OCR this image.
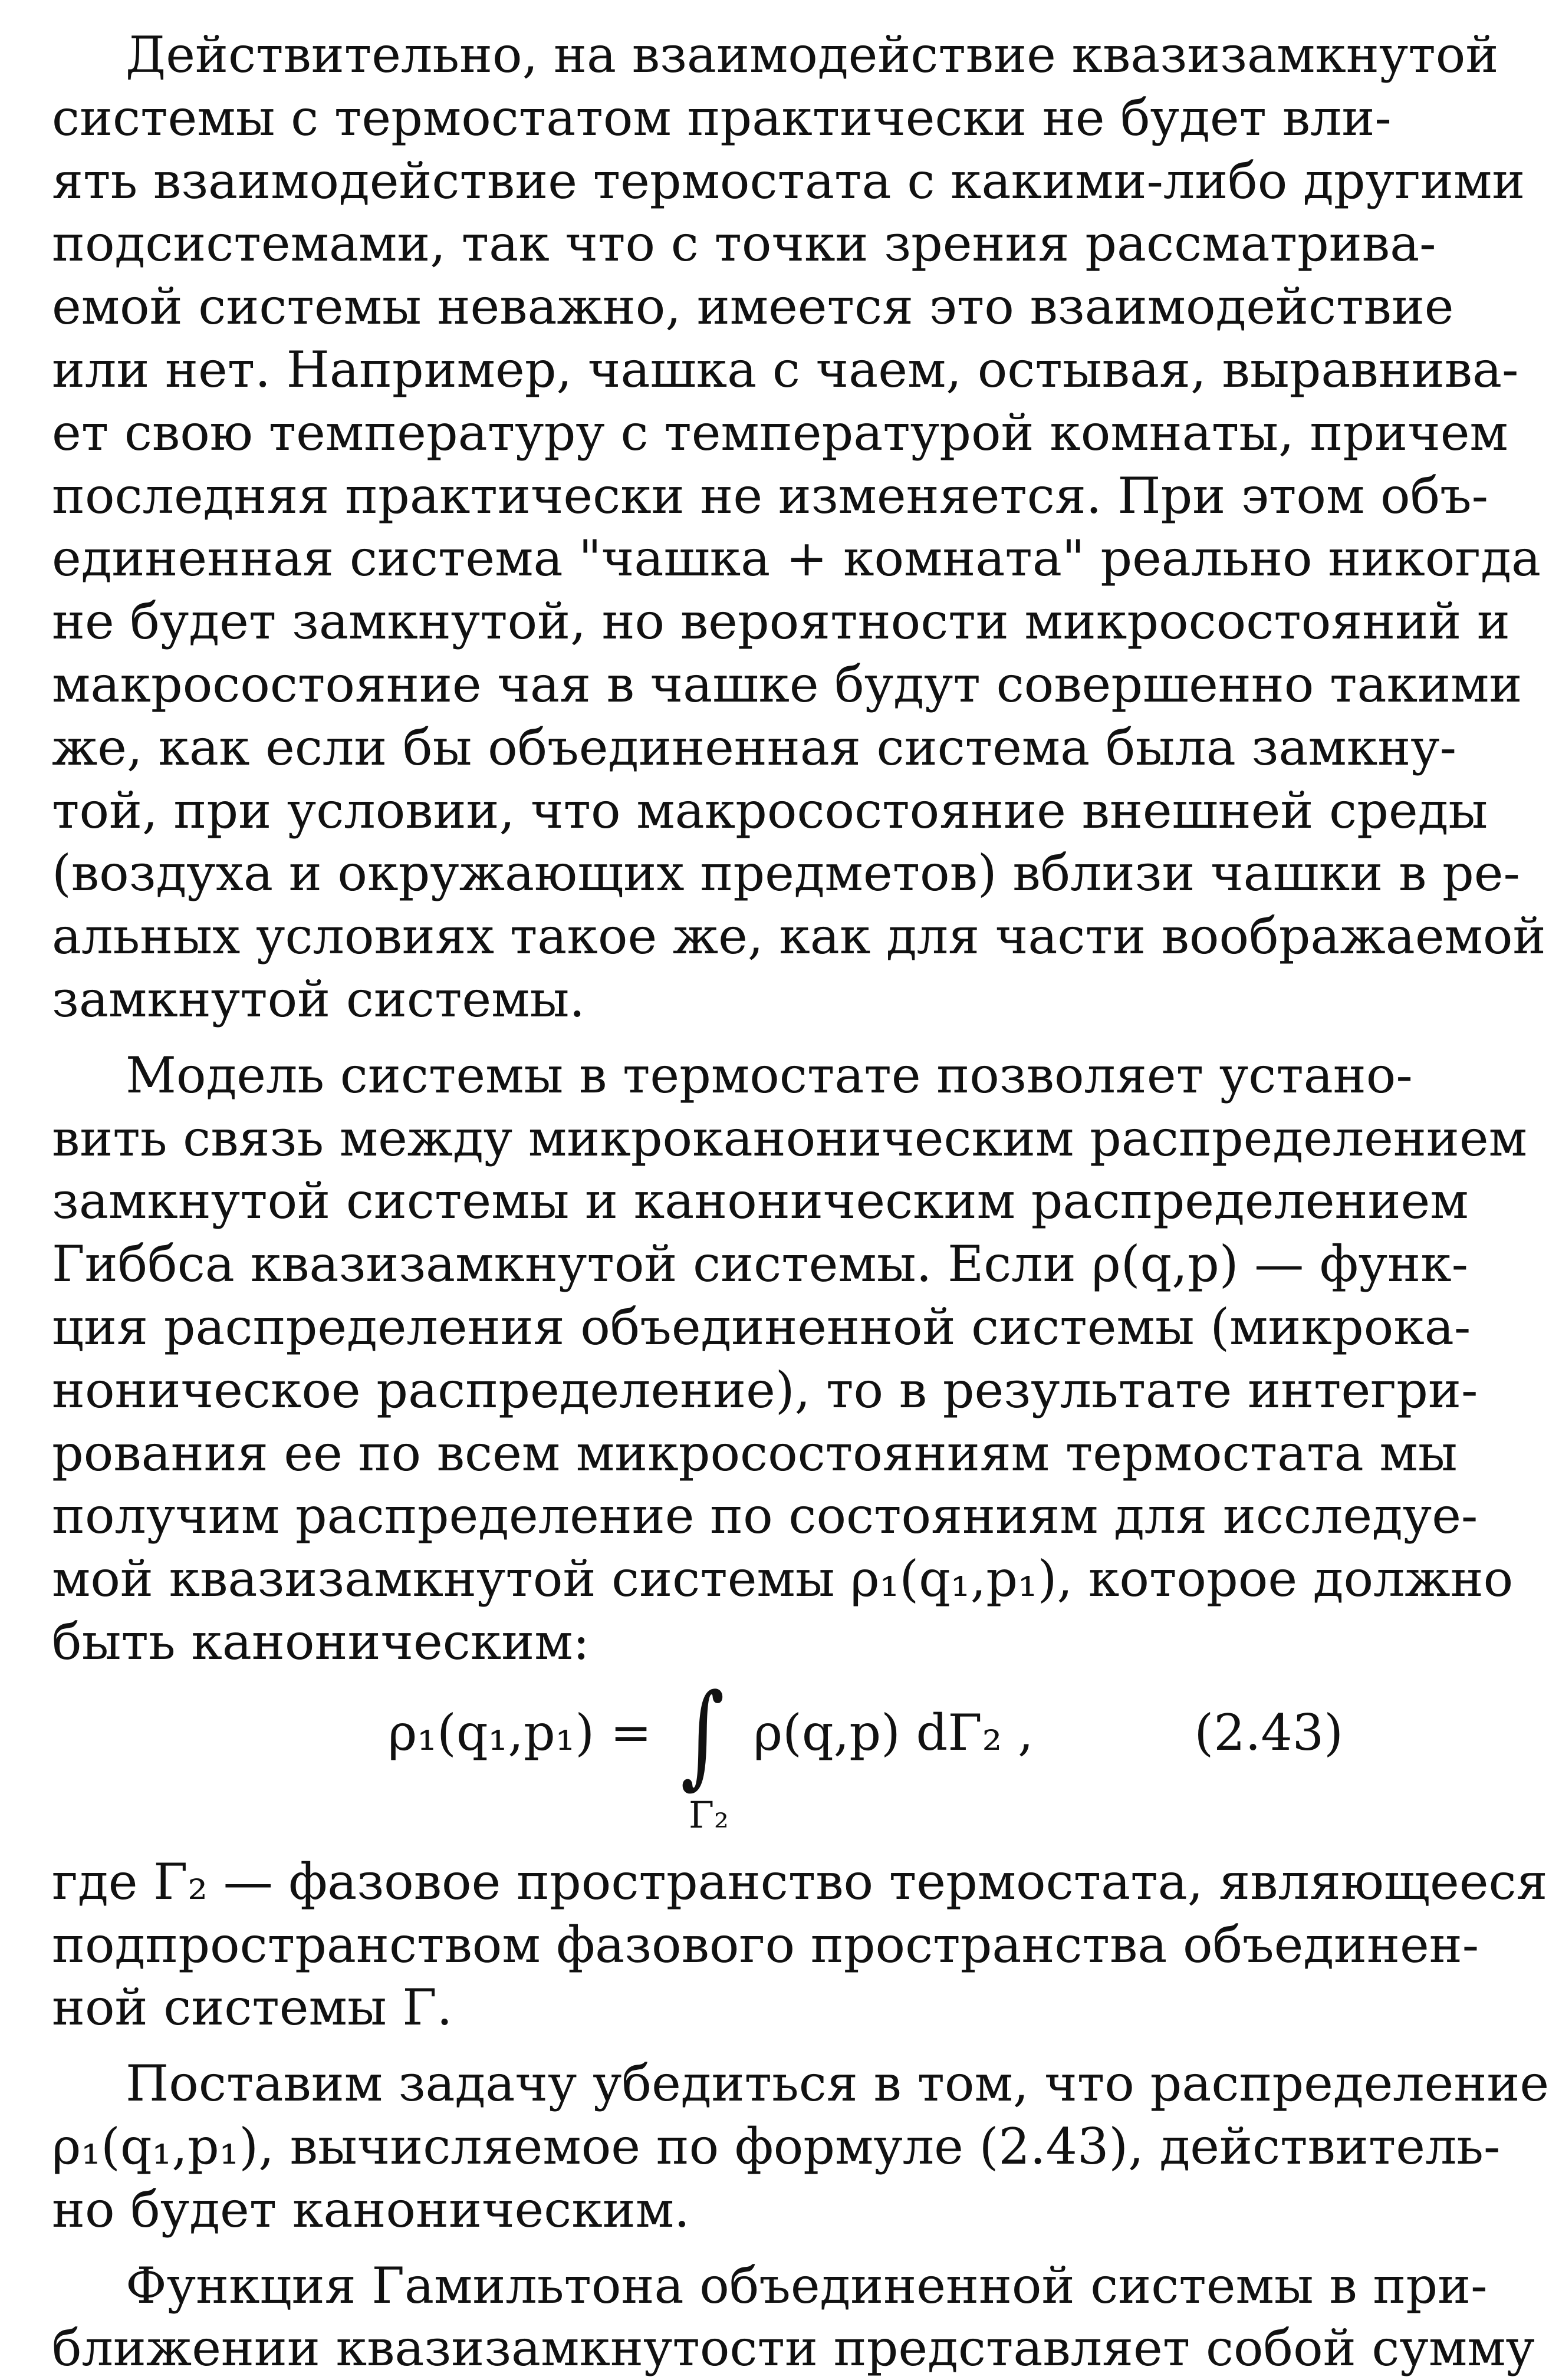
Действительно, на взаимодействие квазизамкнутой
системы с термостатом практически не будет вли-
ять взаимодействие термостата с какими-либо другими
подсистемами, так что с точки зрения рассматрива-
емой системы неважно, имеется это взаимодействие
или нет. Например, чашка с чаем, остывая, выравнива-
ет свою температуру с температурой комнаты, причем
последняя практически не изменяется. При этом объ-
единенная система "чашка + комната" реально никогда
не будет замкнутой, но вероятности микросостояний и
макросостояние чая в чашке будут совершенно такими
же, как если бы объединенная система была замкну-
той, при условии, что макросостояние внешней среды
(воздуха и окружающих предметов) вблизи чашки в ре-
альных условиях такое же, как для части воображаемой
замкнутой системы.
Модель системы в термостате позволяет устано-
вить связь между микроканоническим распределением
замкнутой системы и каноническим распределением
Гиббса квазизамкнутой системы. Если ρ(q,p) — функ-
ция распределения объединенной системы (микрока-
ноническое распределение), то в результате интегри-
рования ее по всем микросостояниям термостата мы
получим распределение по состояниям для исследуе-
мой квазизамкнутой системы ρ₁(q₁,p₁), которое должно
быть каноническим:
ρ₁(q₁,p₁) = ∫ ρ(q,p) dΓ₂ ,
Γ₂
(2.43)
где Γ₂ — фазовое пространство термостата, являющееся
подпространством фазового пространства объединен-
ной системы Γ.
Поставим задачу убедиться в том, что распределение
ρ₁(q₁,p₁), вычисляемое по формуле (2.43), действитель-
но будет каноническим.
Функция Гамильтона объединенной системы в при-
ближении квазизамкнутости представляет собой сумму
